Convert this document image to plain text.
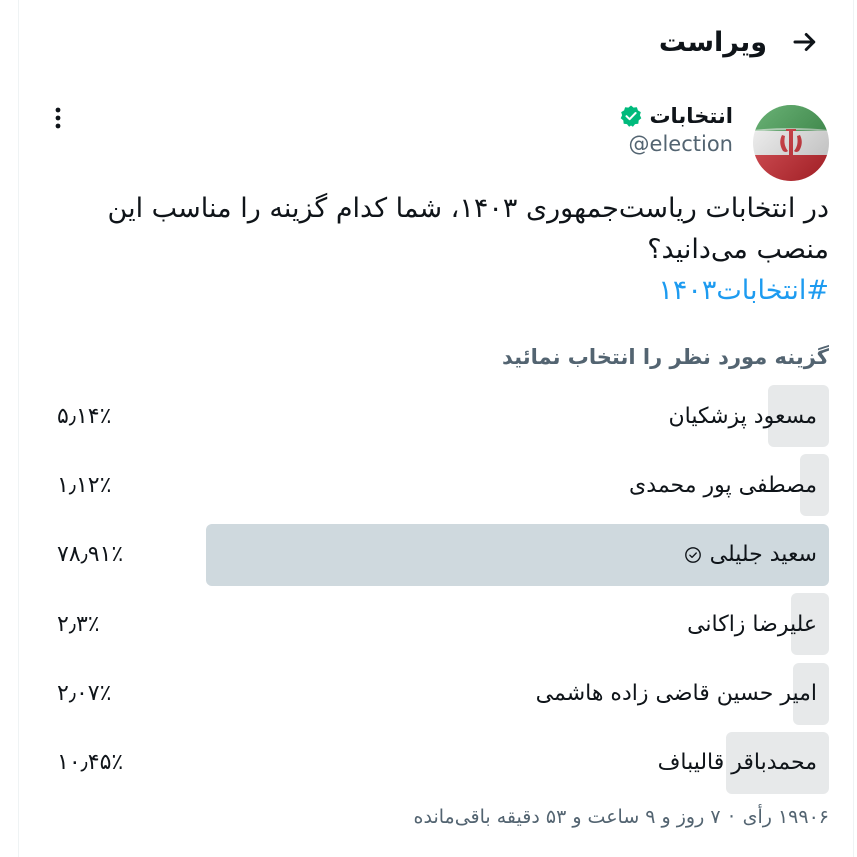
ویراست
انتخابات
@election
در انتخابات ریاست‌جمهوری ۱۴۰۳، شما کدام گزینه را مناسب این منصب می‌دانید؟
#انتخابات۱۴۰۳
گزینه مورد نظر را انتخاب نمائید
مسعود پزشکیان
۵٫۱۴٪
مصطفی پور محمدی
۱٫۱۲٪
سعید جلیلی
۷۸٫۹۱٪
علیرضا زاکانی
۲٫۳٪
امیر حسین قاضی زاده هاشمی
۲٫۰۷٪
محمدباقر قالیباف
۱۰٫۴۵٪
۱۹۹۰۶ رأی
·
۷ روز و ۹ ساعت و ۵۳ دقیقه باقی‌مانده
